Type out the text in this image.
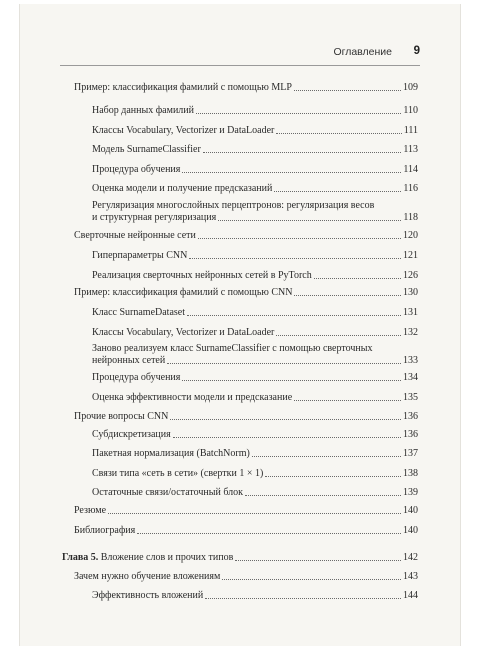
Оглавление 9
Пример: классификация фамилий с помощью MLP	109
Набор данных фамилий	110
Классы Vocabulary, Vectorizer и DataLoader	111
Модель SurnameClassifier	113
Процедура обучения	114
Оценка модели и получение предсказаний	116
Регуляризация многослойных перцептронов: регуляризация весов
и структурная регуляризация	118
Сверточные нейронные сети	120
Гиперпараметры CNN	121
Реализация сверточных нейронных сетей в PyTorch	126
Пример: классификация фамилий с помощью CNN	130
Класс SurnameDataset	131
Классы Vocabulary, Vectorizer и DataLoader	132
Заново реализуем класс SurnameClassifier с помощью сверточных
нейронных сетей	133
Процедура обучения	134
Оценка эффективности модели и предсказание	135
Прочие вопросы CNN	136
Субдискретизация	136
Пакетная нормализация (BatchNorm)	137
Связи типа «сеть в сети» (свертки 1 × 1)	138
Остаточные связи/остаточный блок	139
Резюме	140
Библиография	140
Глава 5. Вложение слов и прочих типов	142
Зачем нужно обучение вложениям	143
Эффективность вложений	144
